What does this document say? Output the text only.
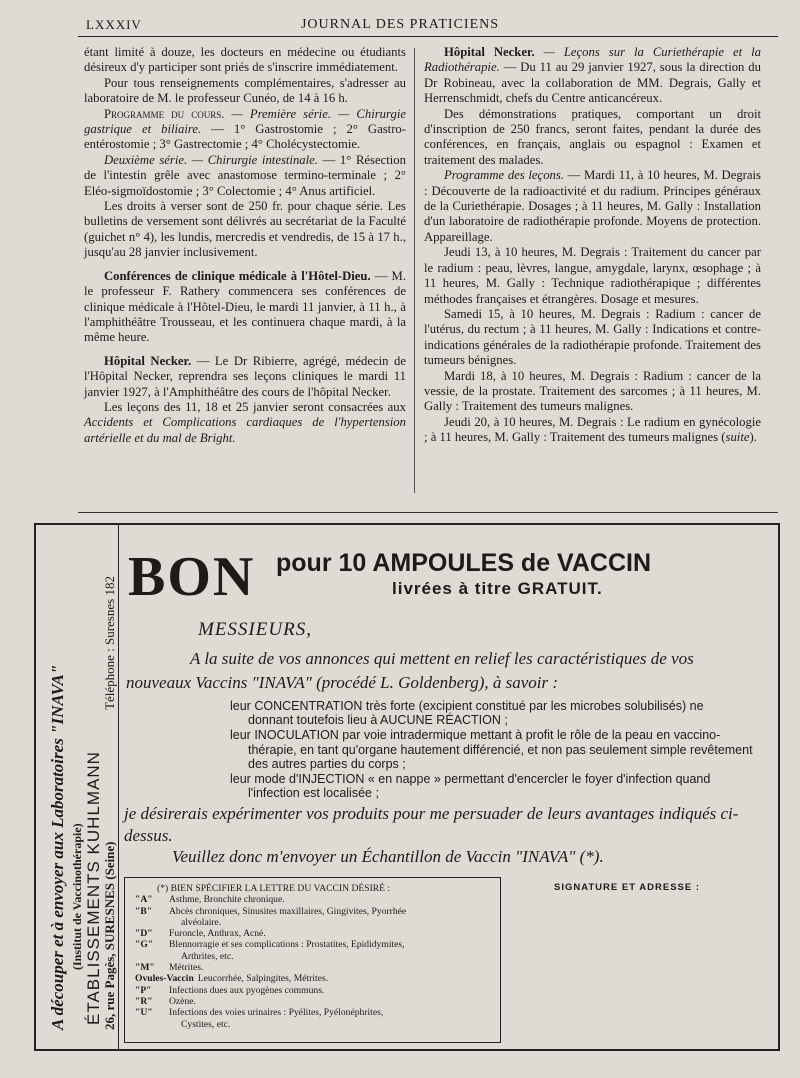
LXXXIV	JOURNAL DES PRATICIENS

étant limité à douze, les docteurs en médecine ou étudiants désireux d'y participer sont priés de s'inscrire immédiatement.

Pour tous renseignements complémentaires, s'adresser au laboratoire de M. le professeur Cunéo, de 14 à 16 h.

Programme du cours. — Première série. — Chirurgie gastrique et biliaire. — 1° Gastrostomie ; 2° Gastro-entérostomie ; 3° Gastrectomie ; 4° Cholécystectomie.

Deuxième série. — Chirurgie intestinale. — 1° Résection de l'intestin grêle avec anastomose termino-terminale ; 2° Eléo-sigmoïdostomie ; 3° Colectomie ; 4° Anus artificiel.

Les droits à verser sont de 250 fr. pour chaque série. Les bulletins de versement sont délivrés au secrétariat de la Faculté (guichet n° 4), les lundis, mercredis et vendredis, de 15 à 17 h., jusqu'au 28 janvier inclusivement.

Conférences de clinique médicale à l'Hôtel-Dieu. — M. le professeur F. Rathery commencera ses conférences de clinique médicale à l'Hôtel-Dieu, le mardi 11 janvier, à 11 h., à l'amphithéâtre Trousseau, et les continuera chaque mardi, à la même heure.

Hôpital Necker. — Le Dr Ribierre, agrégé, médecin de l'Hôpital Necker, reprendra ses leçons cliniques le mardi 11 janvier 1927, à l'Amphithéâtre des cours de l'hôpital Necker.

Les leçons des 11, 18 et 25 janvier seront consacrées aux Accidents et Complications cardiaques de l'hypertension artérielle et du mal de Bright.

Hôpital Necker. — Leçons sur la Curiethérapie et la Radiothérapie. — Du 11 au 29 janvier 1927, sous la direction du Dr Robineau, avec la collaboration de MM. Degrais, Gally et Herrenschmidt, chefs du Centre anticancéreux.

Des démonstrations pratiques, comportant un droit d'inscription de 250 francs, seront faites, pendant la durée des conférences, en français, anglais ou espagnol : Examen et traitement des malades.

Programme des leçons. — Mardi 11, à 10 heures, M. Degrais : Découverte de la radioactivité et du radium. Principes généraux de la Curiethérapie. Dosages ; à 11 heures, M. Gally : Installation d'un laboratoire de radiothérapie profonde. Moyens de protection. Appareillage.

Jeudi 13, à 10 heures, M. Degrais : Traitement du cancer par le radium : peau, lèvres, langue, amygdale, larynx, œsophage ; à 11 heures, M. Gally : Technique radiothérapique ; différentes méthodes françaises et étrangères. Dosage et mesures.

Samedi 15, à 10 heures, M. Degrais : Radium : cancer de l'utérus, du rectum ; à 11 heures, M. Gally : Indications et contre-indications générales de la radiothérapie profonde. Traitement des tumeurs bénignes.

Mardi 18, à 10 heures, M. Degrais : Radium : cancer de la vessie, de la prostate. Traitement des sarcomes ; à 11 heures, M. Gally : Traitement des tumeurs malignes.

Jeudi 20, à 10 heures, M. Degrais : Le radium en gynécologie ; à 11 heures, M. Gally : Traitement des tumeurs malignes (suite).

A découper et à envoyer aux Laboratoires "INAVA" (Institut de Vaccinothérapie) ÉTABLISSEMENTS KUHLMANN 26, rue Pagès, SURESNES (Seine)
Téléphone : Suresnes 182 BON pour 10 AMPOULES de VACCIN
livrées à titre GRATUIT.
MESSIEURS,
A la suite de vos annonces qui mettent en relief les caractéristiques de vos
nouveaux Vaccins "INAVA" (procédé L. Goldenberg), à savoir :
leur CONCENTRATION très forte (excipient constitué par les microbes solubilisés) ne
donnant toutefois lieu à AUCUNE RÉACTION ;
leur INOCULATION par voie intradermique mettant à profit le rôle de la peau en vaccino-
thérapie, en tant qu'organe hautement différencié, et non pas seulement simple revêtement
des autres parties du corps ;
leur mode d'INJECTION « en nappe » permettant d'encercler le foyer d'infection quand
l'infection est localisée ;
je désirerais expérimenter vos produits pour me persuader de leurs avantages indiqués ci-dessus.
Veuillez donc m'envoyer un Échantillon de Vaccin "INAVA" (*).
(*) BIEN SPÉCIFIER LA LETTRE DU VACCIN DÉSIRÉ :
"A"	Asthme, Bronchite chronique.
"B"	Abcès chroniques, Sinusites maxillaires, Gingivites, Pyorrhée
alvéolaire.
"D"	Furoncle, Anthrax, Acné.
"G"	Blennorragie et ses complications : Prostatites, Epididymites,
Arthrites, etc.
"M"	Métrites.
Ovules-Vaccin Leucorrhée, Salpingites, Métrites.
"P"	Infections dues aux pyogènes communs.
"R"	Ozène.
"U"	Infections des voies urinaires : Pyélites, Pyélonéphrites,
Cystites, etc.
SIGNATURE ET ADRESSE :
